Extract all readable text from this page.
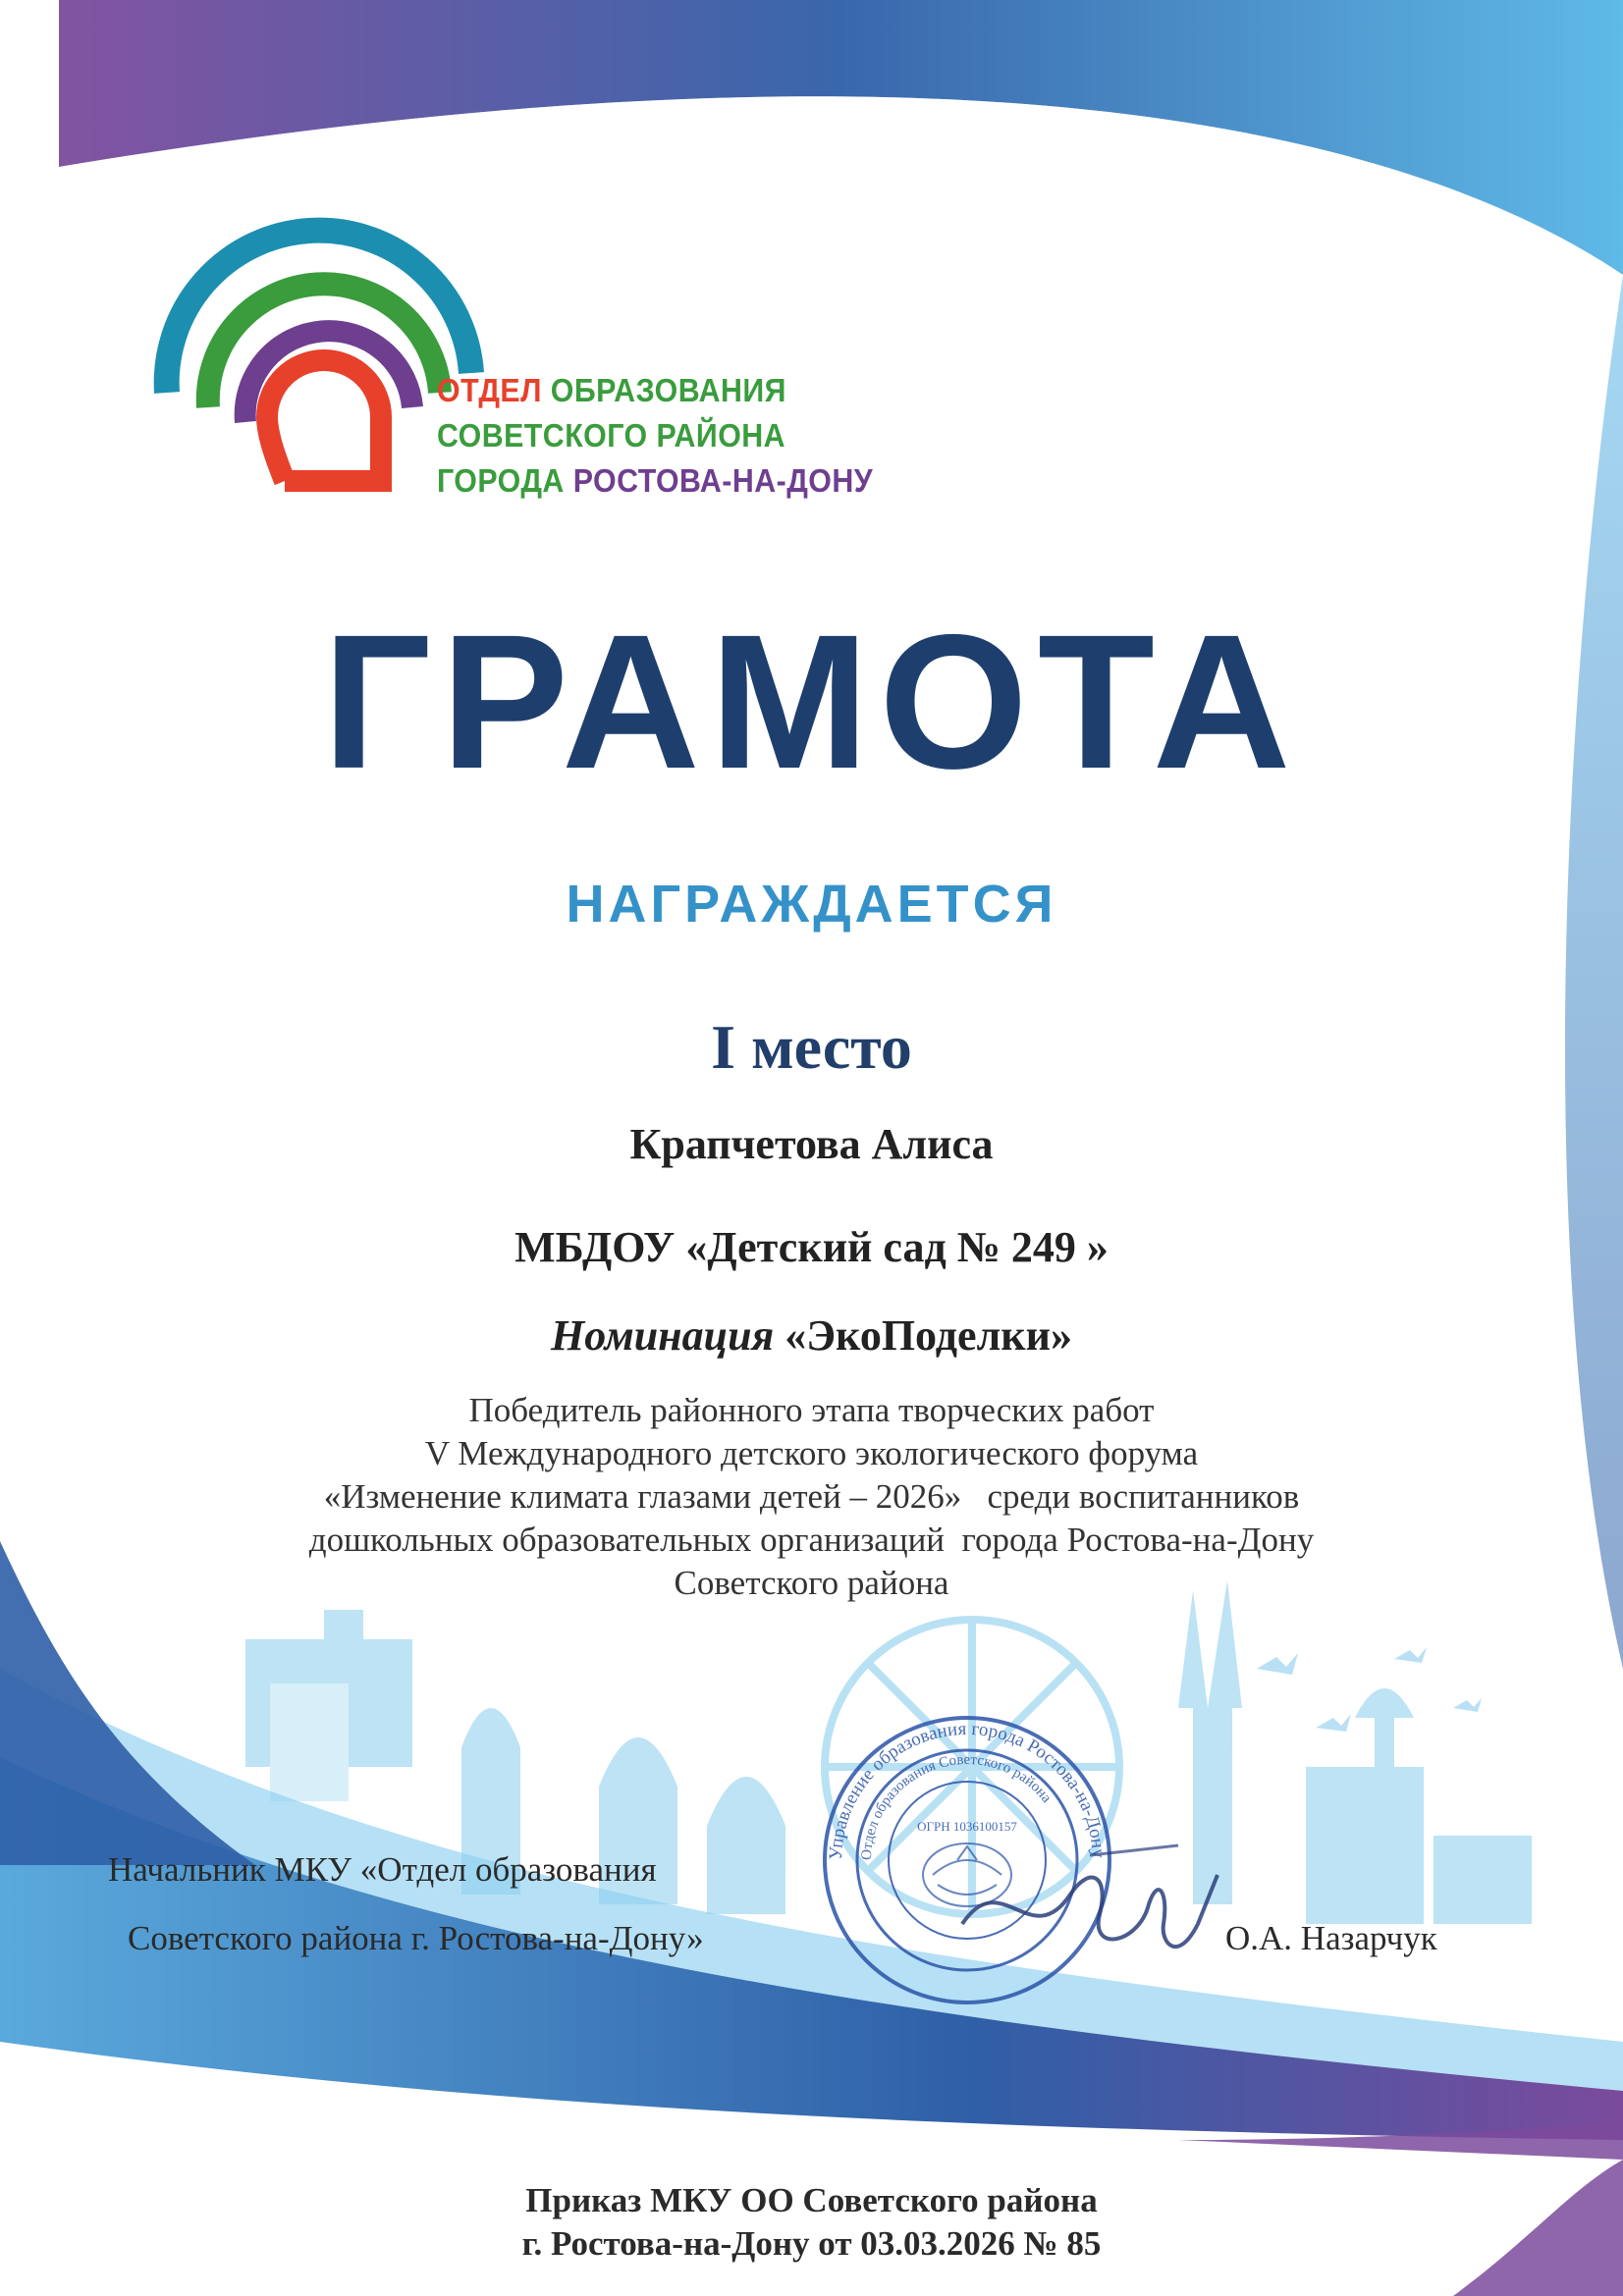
ОТДЕЛ ОБРАЗОВАНИЯ
СОВЕТСКОГО РАЙОНА
ГОРОДА РОСТОВА-НА-ДОНУ
ГРАМОТА
НАГРАЖДАЕТСЯ
I место
Крапчетова Алиса
МБДОУ «Детский сад № 249 »
Номинация «ЭкоПоделки»
Победитель районного этапа творческих работ
V Международного детского экологического форума
«Изменение климата глазами детей – 2026»   среди воспитанников
дошкольных образовательных организаций  города Ростова-на-Дону
Советского района
Управление образования города Ростова-на-Дону
Отдел образования Советского района
ОГРН 1036100157
Начальник МКУ «Отдел образования
Советского района г. Ростова-на-Дону»	О.А. Назарчук
Приказ МКУ ОО Советского района
г. Ростова-на-Дону от 03.03.2026 № 85
